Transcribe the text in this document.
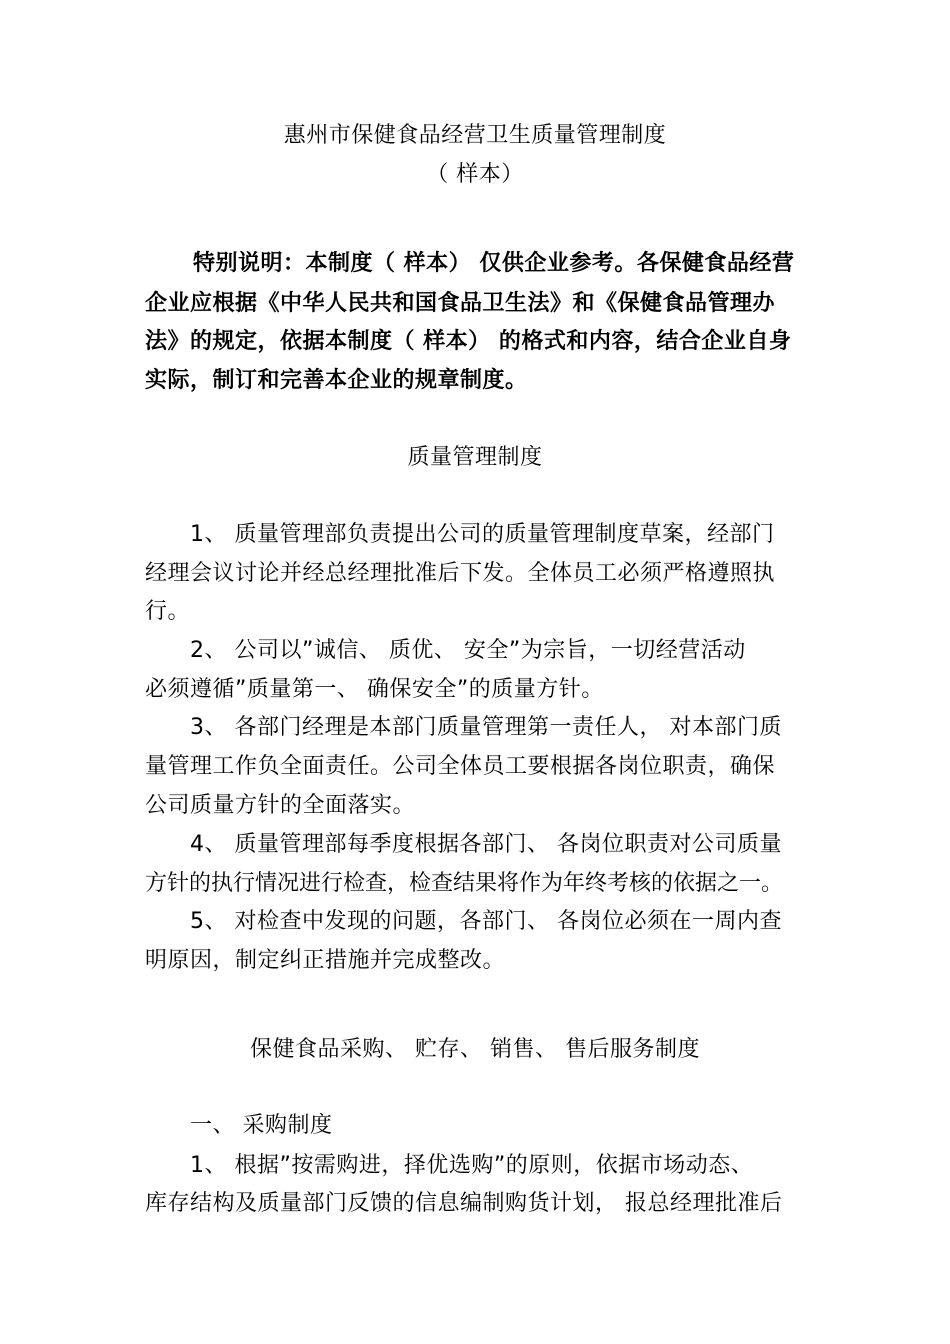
惠州市保健食品经营卫生质量管理制度
（ 样本）
特别说明：本制度（ 样本） 仅供企业参考。各保健食品经营
企业应根据《中华人民共和国食品卫生法》和《保健食品管理办
法》的规定，依据本制度（ 样本） 的格式和内容，结合企业自身
实际，制订和完善本企业的规章制度。
质量管理制度
1、 质量管理部负责提出公司的质量管理制度草案，经部门
经理会议讨论并经总经理批准后下发。全体员工必须严格遵照执
行。
2、 公司以”诚信、 质优、 安全”为宗旨，一切经营活动
必须遵循”质量第一、 确保安全”的质量方针。
3、 各部门经理是本部门质量管理第一责任人， 对本部门质
量管理工作负全面责任。公司全体员工要根据各岗位职责，确保
公司质量方针的全面落实。
4、 质量管理部每季度根据各部门、 各岗位职责对公司质量
方针的执行情况进行检查，检查结果将作为年终考核的依据之一。
5、 对检查中发现的问题，各部门、 各岗位必须在一周内查
明原因，制定纠正措施并完成整改。
保健食品采购、 贮存、 销售、 售后服务制度
一、 采购制度
1、 根据”按需购进，择优选购”的原则，依据市场动态、
库存结构及质量部门反馈的信息编制购货计划， 报总经理批准后
